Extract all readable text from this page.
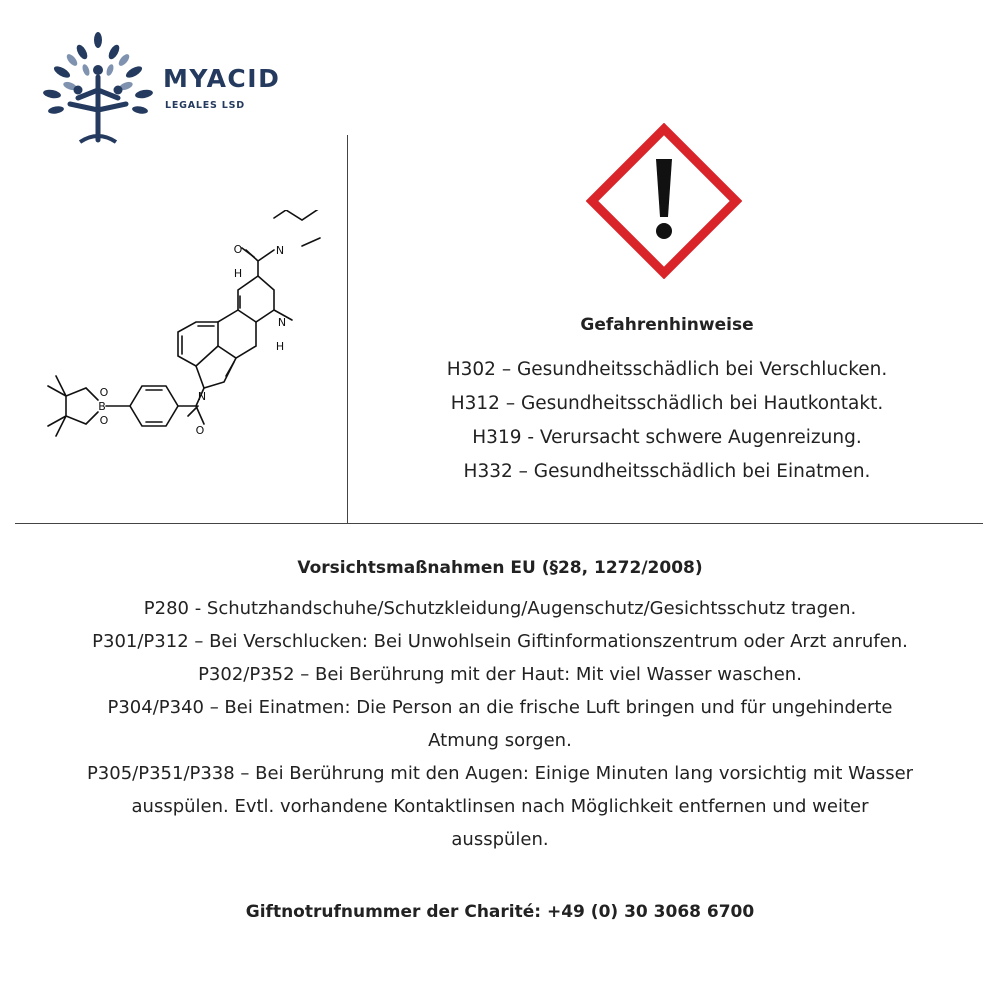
MYACID
LEGALES LSD
O	N
H
N
H
N
O
B
O
O

Gefahrenhinweise

H302 – Gesundheitsschädlich bei Verschlucken.

H312 – Gesundheitsschädlich bei Hautkontakt.

H319 - Verursacht schwere Augenreizung.

H332 – Gesundheitsschädlich bei Einatmen.

Vorsichtsmaßnahmen EU (§28, 1272/2008)

P280 - Schutzhandschuhe/Schutzkleidung/Augenschutz/Gesichtsschutz tragen.

P301/P312 – Bei Verschlucken: Bei Unwohlsein Giftinformationszentrum oder Arzt anrufen.

P302/P352 – Bei Berührung mit der Haut: Mit viel Wasser waschen.

P304/P340 – Bei Einatmen: Die Person an die frische Luft bringen und für ungehinderte

Atmung sorgen.

P305/P351/P338 – Bei Berührung mit den Augen: Einige Minuten lang vorsichtig mit Wasser

ausspülen. Evtl. vorhandene Kontaktlinsen nach Möglichkeit entfernen und weiter

ausspülen.

Giftnotrufnummer der Charité: +49 (0) 30 3068 6700
